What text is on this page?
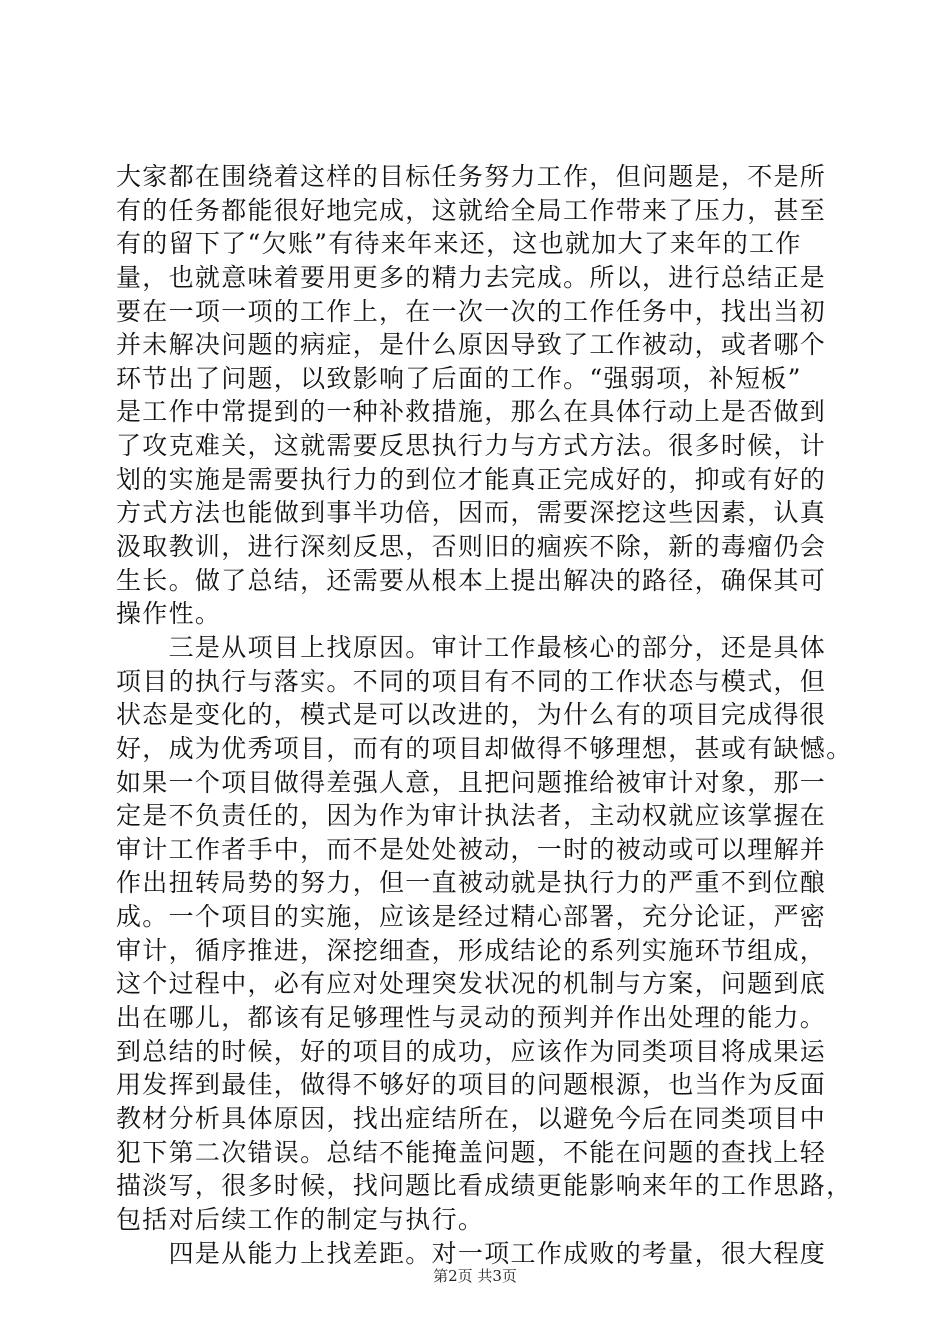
大家都在围绕着这样的目标任务努力工作，但问题是，不是所
有的任务都能很好地完成，这就给全局工作带来了压力，甚至
有的留下了“欠账”有待来年来还，这也就加大了来年的工作
量，也就意味着要用更多的精力去完成。所以，进行总结正是
要在一项一项的工作上，在一次一次的工作任务中，找出当初
并未解决问题的病症，是什么原因导致了工作被动，或者哪个
环节出了问题，以致影响了后面的工作。“强弱项，补短板”
是工作中常提到的一种补救措施，那么在具体行动上是否做到
了攻克难关，这就需要反思执行力与方式方法。很多时候，计
划的实施是需要执行力的到位才能真正完成好的，抑或有好的
方式方法也能做到事半功倍，因而，需要深挖这些因素，认真
汲取教训，进行深刻反思，否则旧的痼疾不除，新的毒瘤仍会
生长。做了总结，还需要从根本上提出解决的路径，确保其可
操作性。
　　三是从项目上找原因。审计工作最核心的部分，还是具体
项目的执行与落实。不同的项目有不同的工作状态与模式，但
状态是变化的，模式是可以改进的，为什么有的项目完成得很
好，成为优秀项目，而有的项目却做得不够理想，甚或有缺憾。
如果一个项目做得差强人意，且把问题推给被审计对象，那一
定是不负责任的，因为作为审计执法者，主动权就应该掌握在
审计工作者手中，而不是处处被动，一时的被动或可以理解并
作出扭转局势的努力，但一直被动就是执行力的严重不到位酿
成。一个项目的实施，应该是经过精心部署，充分论证，严密
审计，循序推进，深挖细查，形成结论的系列实施环节组成，
这个过程中，必有应对处理突发状况的机制与方案，问题到底
出在哪儿，都该有足够理性与灵动的预判并作出处理的能力。
到总结的时候，好的项目的成功，应该作为同类项目将成果运
用发挥到最佳，做得不够好的项目的问题根源，也当作为反面
教材分析具体原因，找出症结所在，以避免今后在同类项目中
犯下第二次错误。总结不能掩盖问题，不能在问题的查找上轻
描淡写，很多时候，找问题比看成绩更能影响来年的工作思路，
包括对后续工作的制定与执行。
　　四是从能力上找差距。对一项工作成败的考量，很大程度
第2页 共3页
